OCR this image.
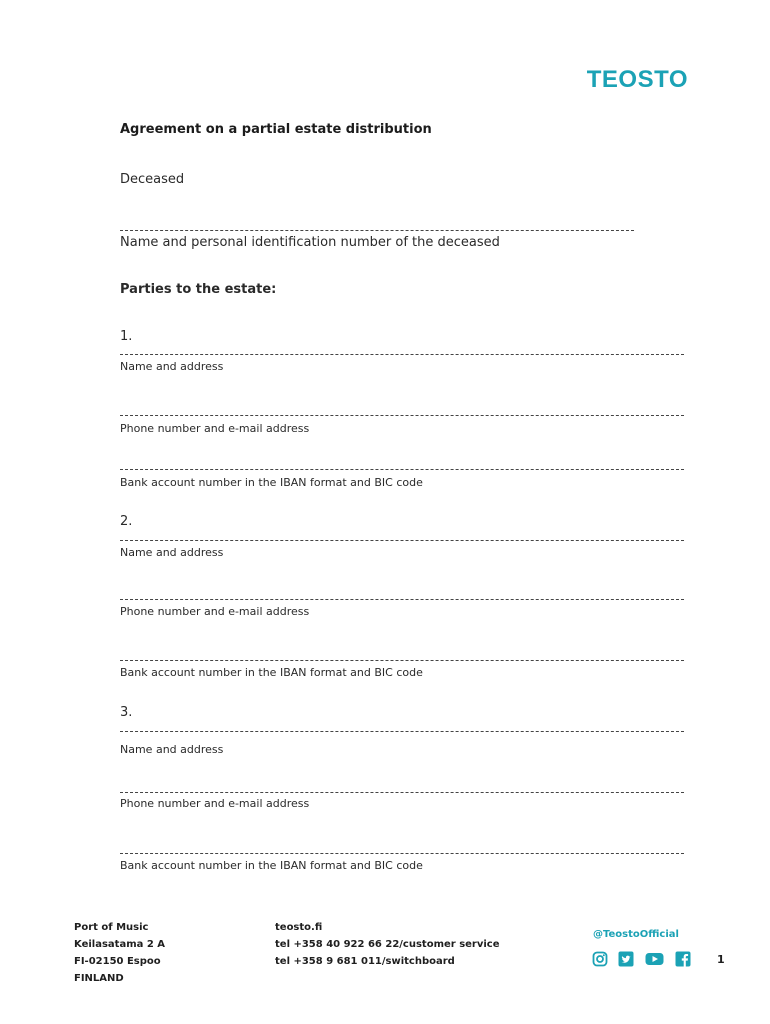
TEOSTO
Agreement on a partial estate distribution
Deceased
Name and personal identification number of the deceased
Parties to the estate:
1.
Name and address
Phone number and e-mail address
Bank account number in the IBAN format and BIC code
2.
Name and address
Phone number and e-mail address
Bank account number in the IBAN format and BIC code
3.
Name and address
Phone number and e-mail address
Bank account number in the IBAN format and BIC code
Port of Music
Keilasatama 2 A
FI-02150 Espoo
FINLAND
teosto.fi
tel +358 40 922 66 22/customer service
tel +358 9 681 011/switchboard
@TeostoOfficial
1
